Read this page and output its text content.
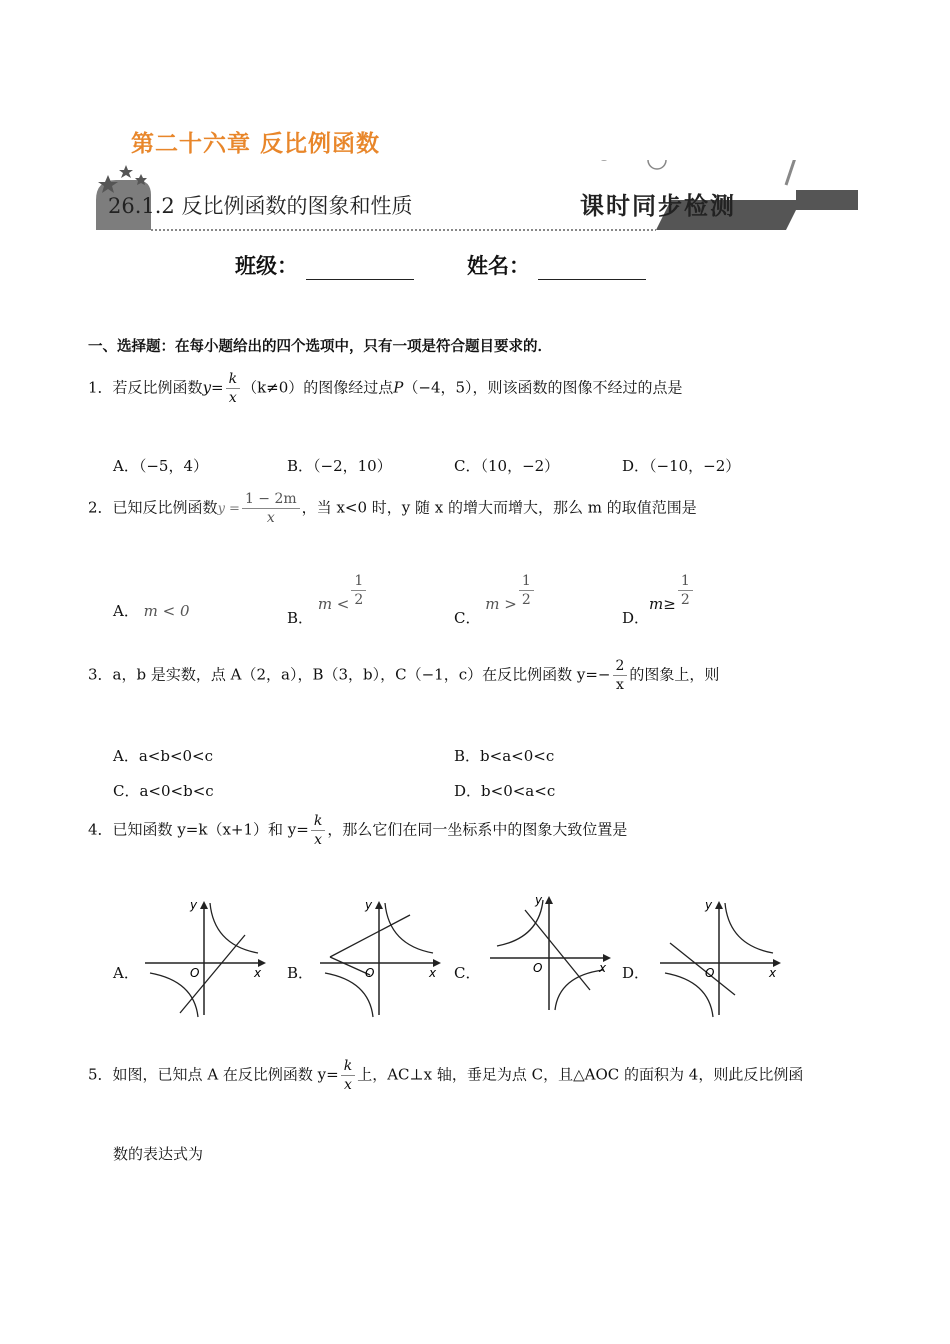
第二十六章 反比例函数
26.1.2 反比例函数的图象和性质	课时同步检测
班级：	姓名：
一、选择题：在每小题给出的四个选项中，只有一项是符合题目要求的．
1．若反比例函数$y= \frac{k}{x} (k\ne 0)$的图像经过点P（−4，5），则该函数的图像不经过的点是
A．（−5，4）	B．（−2，10）	C．（10，−2）	D．（−10，−2）
2．已知反比例函数$y = \frac{1 - 2m}{x}$ ，当 x<0 时，y 随 x 的增大而增大，那么 m 的取值范围是
A． m < 0	B． $m < \frac{1}{2}$
C． $m > \frac{1}{2}$
D．$m\ge \frac{1}{2}$
3．a，b 是实数，点 A（2，a），B（3，b），C（−1，c）在反比例函数 $y=- \frac{2}{x}$ 的图象上，则
A．a<b<0<c	B．b<a<0<c
C．a<0<b<c	D．b<0<a<c
4．已知函数 y=k（x+1）和 $y= \frac{k}{x}$ ，那么它们在同一坐标系中的图象大致位置是
A．	B．	C．	D．
O	x
y
O	x
y
O	x
y
O	x
y
5．如图，已知点 A 在反比例函数 $y= \frac{k}{x}$ 上，AC⊥x 轴，垂足为点 C，且△AOC 的面积为 4，则此反比例函
数的表达式为
